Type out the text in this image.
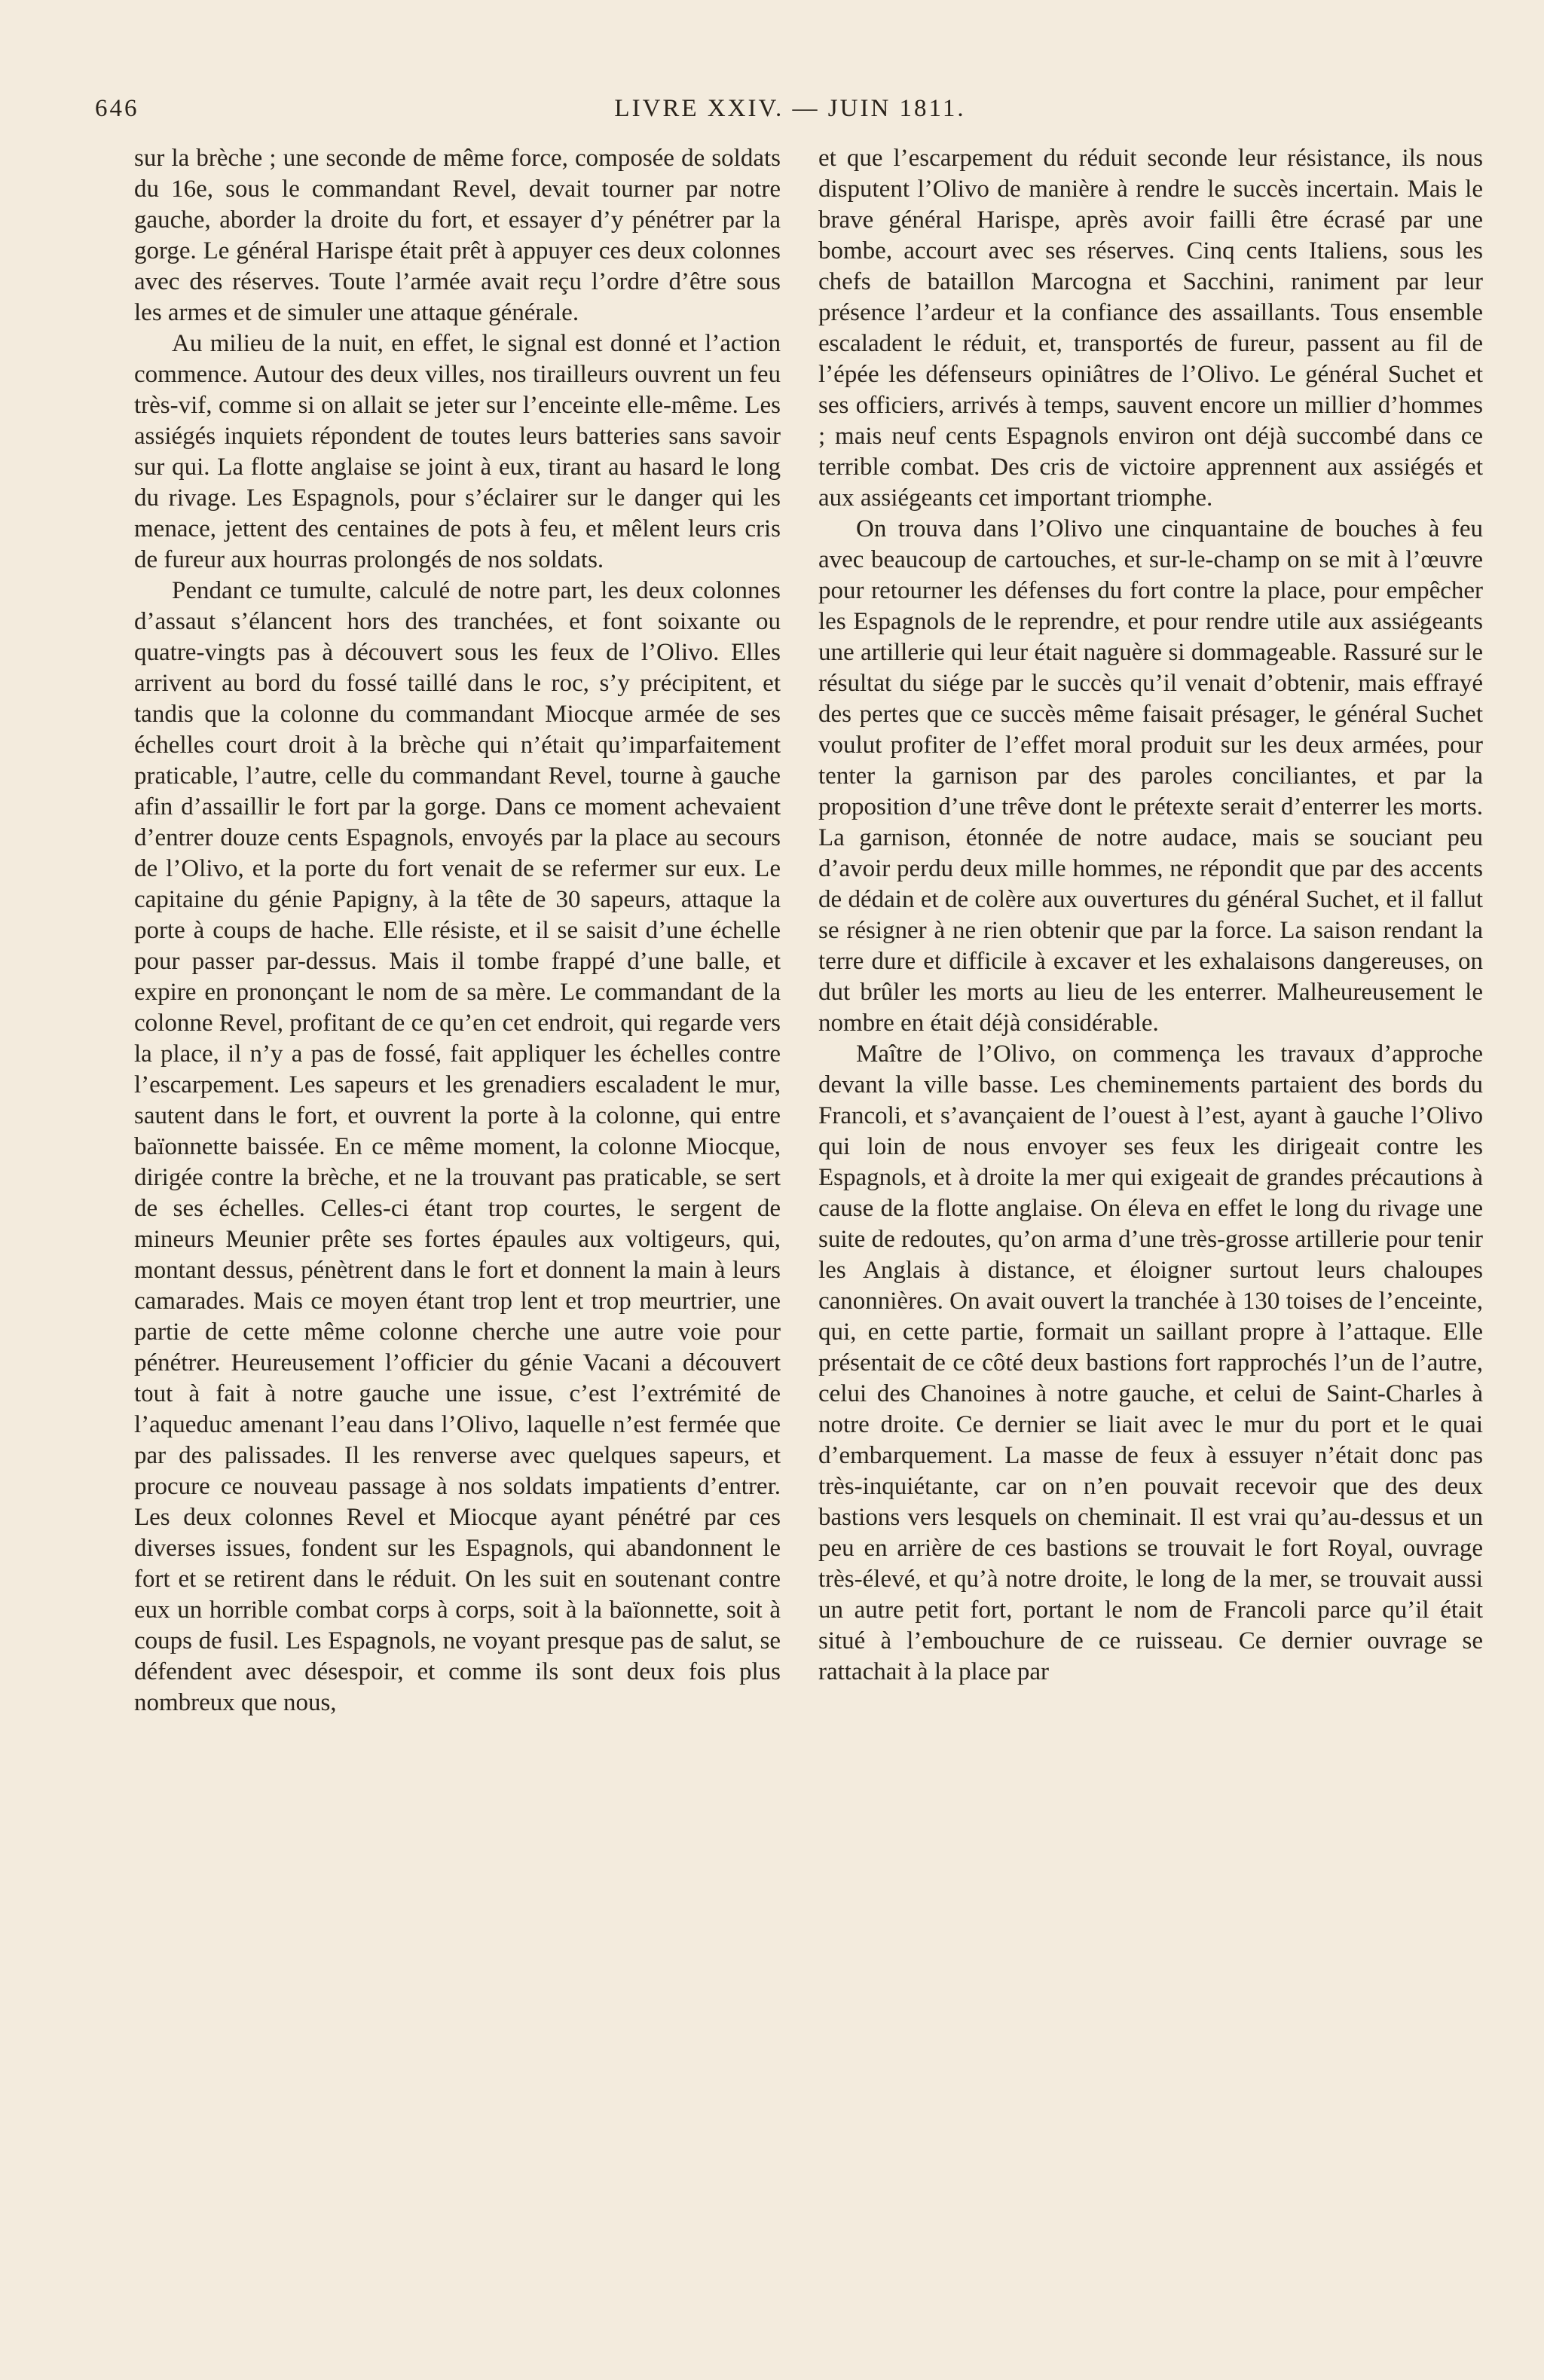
646	LIVRE XXIV. — JUIN 1811.

sur la brèche ; une seconde de même force, composée de soldats du 16e, sous le commandant Revel, devait tourner par notre gauche, aborder la droite du fort, et essayer d’y pénétrer par la gorge. Le général Harispe était prêt à appuyer ces deux colonnes avec des réserves. Toute l’armée avait reçu l’ordre d’être sous les armes et de simuler une attaque générale.

Au milieu de la nuit, en effet, le signal est donné et l’action commence. Autour des deux villes, nos tirailleurs ouvrent un feu très-vif, comme si on allait se jeter sur l’enceinte elle-même. Les assiégés inquiets répondent de toutes leurs batteries sans savoir sur qui. La flotte anglaise se joint à eux, tirant au hasard le long du rivage. Les Espagnols, pour s’éclairer sur le danger qui les menace, jettent des centaines de pots à feu, et mêlent leurs cris de fureur aux hourras prolongés de nos soldats.

Pendant ce tumulte, calculé de notre part, les deux colonnes d’assaut s’élancent hors des tranchées, et font soixante ou quatre-vingts pas à découvert sous les feux de l’Olivo. Elles arrivent au bord du fossé taillé dans le roc, s’y précipitent, et tandis que la colonne du commandant Miocque armée de ses échelles court droit à la brèche qui n’était qu’imparfaitement praticable, l’autre, celle du commandant Revel, tourne à gauche afin d’assaillir le fort par la gorge. Dans ce moment achevaient d’entrer douze cents Espagnols, envoyés par la place au secours de l’Olivo, et la porte du fort venait de se refermer sur eux. Le capitaine du génie Papigny, à la tête de 30 sapeurs, attaque la porte à coups de hache. Elle résiste, et il se saisit d’une échelle pour passer par-dessus. Mais il tombe frappé d’une balle, et expire en prononçant le nom de sa mère. Le commandant de la colonne Revel, profitant de ce qu’en cet endroit, qui regarde vers la place, il n’y a pas de fossé, fait appliquer les échelles contre l’escarpement. Les sapeurs et les grenadiers escaladent le mur, sautent dans le fort, et ouvrent la porte à la colonne, qui entre baïonnette baissée. En ce même moment, la colonne Miocque, dirigée contre la brèche, et ne la trouvant pas praticable, se sert de ses échelles. Celles-ci étant trop courtes, le sergent de mineurs Meunier prête ses fortes épaules aux voltigeurs, qui, montant dessus, pénètrent dans le fort et donnent la main à leurs camarades. Mais ce moyen étant trop lent et trop meurtrier, une partie de cette même colonne cherche une autre voie pour pénétrer. Heureusement l’officier du génie Vacani a découvert tout à fait à notre gauche une issue, c’est l’extrémité de l’aqueduc amenant l’eau dans l’Olivo, laquelle n’est fermée que par des palissades. Il les renverse avec quelques sapeurs, et procure ce nouveau passage à nos soldats impatients d’entrer. Les deux colonnes Revel et Miocque ayant pénétré par ces diverses issues, fondent sur les Espagnols, qui abandonnent le fort et se retirent dans le réduit. On les suit en soutenant contre eux un horrible combat corps à corps, soit à la baïonnette, soit à coups de fusil. Les Espagnols, ne voyant presque pas de salut, se défendent avec désespoir, et comme ils sont deux fois plus nombreux que nous,

et que l’escarpement du réduit seconde leur résistance, ils nous disputent l’Olivo de manière à rendre le succès incertain. Mais le brave général Harispe, après avoir failli être écrasé par une bombe, accourt avec ses réserves. Cinq cents Italiens, sous les chefs de bataillon Marcogna et Sacchini, raniment par leur présence l’ardeur et la confiance des assaillants. Tous ensemble escaladent le réduit, et, transportés de fureur, passent au fil de l’épée les défenseurs opiniâtres de l’Olivo. Le général Suchet et ses officiers, arrivés à temps, sauvent encore un millier d’hommes ; mais neuf cents Espagnols environ ont déjà succombé dans ce terrible combat. Des cris de victoire apprennent aux assiégés et aux assiégeants cet important triomphe.

On trouva dans l’Olivo une cinquantaine de bouches à feu avec beaucoup de cartouches, et sur-le-champ on se mit à l’œuvre pour retourner les défenses du fort contre la place, pour empêcher les Espagnols de le reprendre, et pour rendre utile aux assiégeants une artillerie qui leur était naguère si dommageable. Rassuré sur le résultat du siége par le succès qu’il venait d’obtenir, mais effrayé des pertes que ce succès même faisait présager, le général Suchet voulut profiter de l’effet moral produit sur les deux armées, pour tenter la garnison par des paroles conciliantes, et par la proposition d’une trêve dont le prétexte serait d’enterrer les morts. La garnison, étonnée de notre audace, mais se souciant peu d’avoir perdu deux mille hommes, ne répondit que par des accents de dédain et de colère aux ouvertures du général Suchet, et il fallut se résigner à ne rien obtenir que par la force. La saison rendant la terre dure et difficile à excaver et les exhalaisons dangereuses, on dut brûler les morts au lieu de les enterrer. Malheureusement le nombre en était déjà considérable.

Maître de l’Olivo, on commença les travaux d’approche devant la ville basse. Les cheminements partaient des bords du Francoli, et s’avançaient de l’ouest à l’est, ayant à gauche l’Olivo qui loin de nous envoyer ses feux les dirigeait contre les Espagnols, et à droite la mer qui exigeait de grandes précautions à cause de la flotte anglaise. On éleva en effet le long du rivage une suite de redoutes, qu’on arma d’une très-grosse artillerie pour tenir les Anglais à distance, et éloigner surtout leurs chaloupes canonnières. On avait ouvert la tranchée à 130 toises de l’enceinte, qui, en cette partie, formait un saillant propre à l’attaque. Elle présentait de ce côté deux bastions fort rapprochés l’un de l’autre, celui des Chanoines à notre gauche, et celui de Saint-Charles à notre droite. Ce dernier se liait avec le mur du port et le quai d’embarquement. La masse de feux à essuyer n’était donc pas très-inquiétante, car on n’en pouvait recevoir que des deux bastions vers lesquels on cheminait. Il est vrai qu’au-dessus et un peu en arrière de ces bastions se trouvait le fort Royal, ouvrage très-élevé, et qu’à notre droite, le long de la mer, se trouvait aussi un autre petit fort, portant le nom de Francoli parce qu’il était situé à l’embouchure de ce ruisseau. Ce dernier ouvrage se rattachait à la place par
